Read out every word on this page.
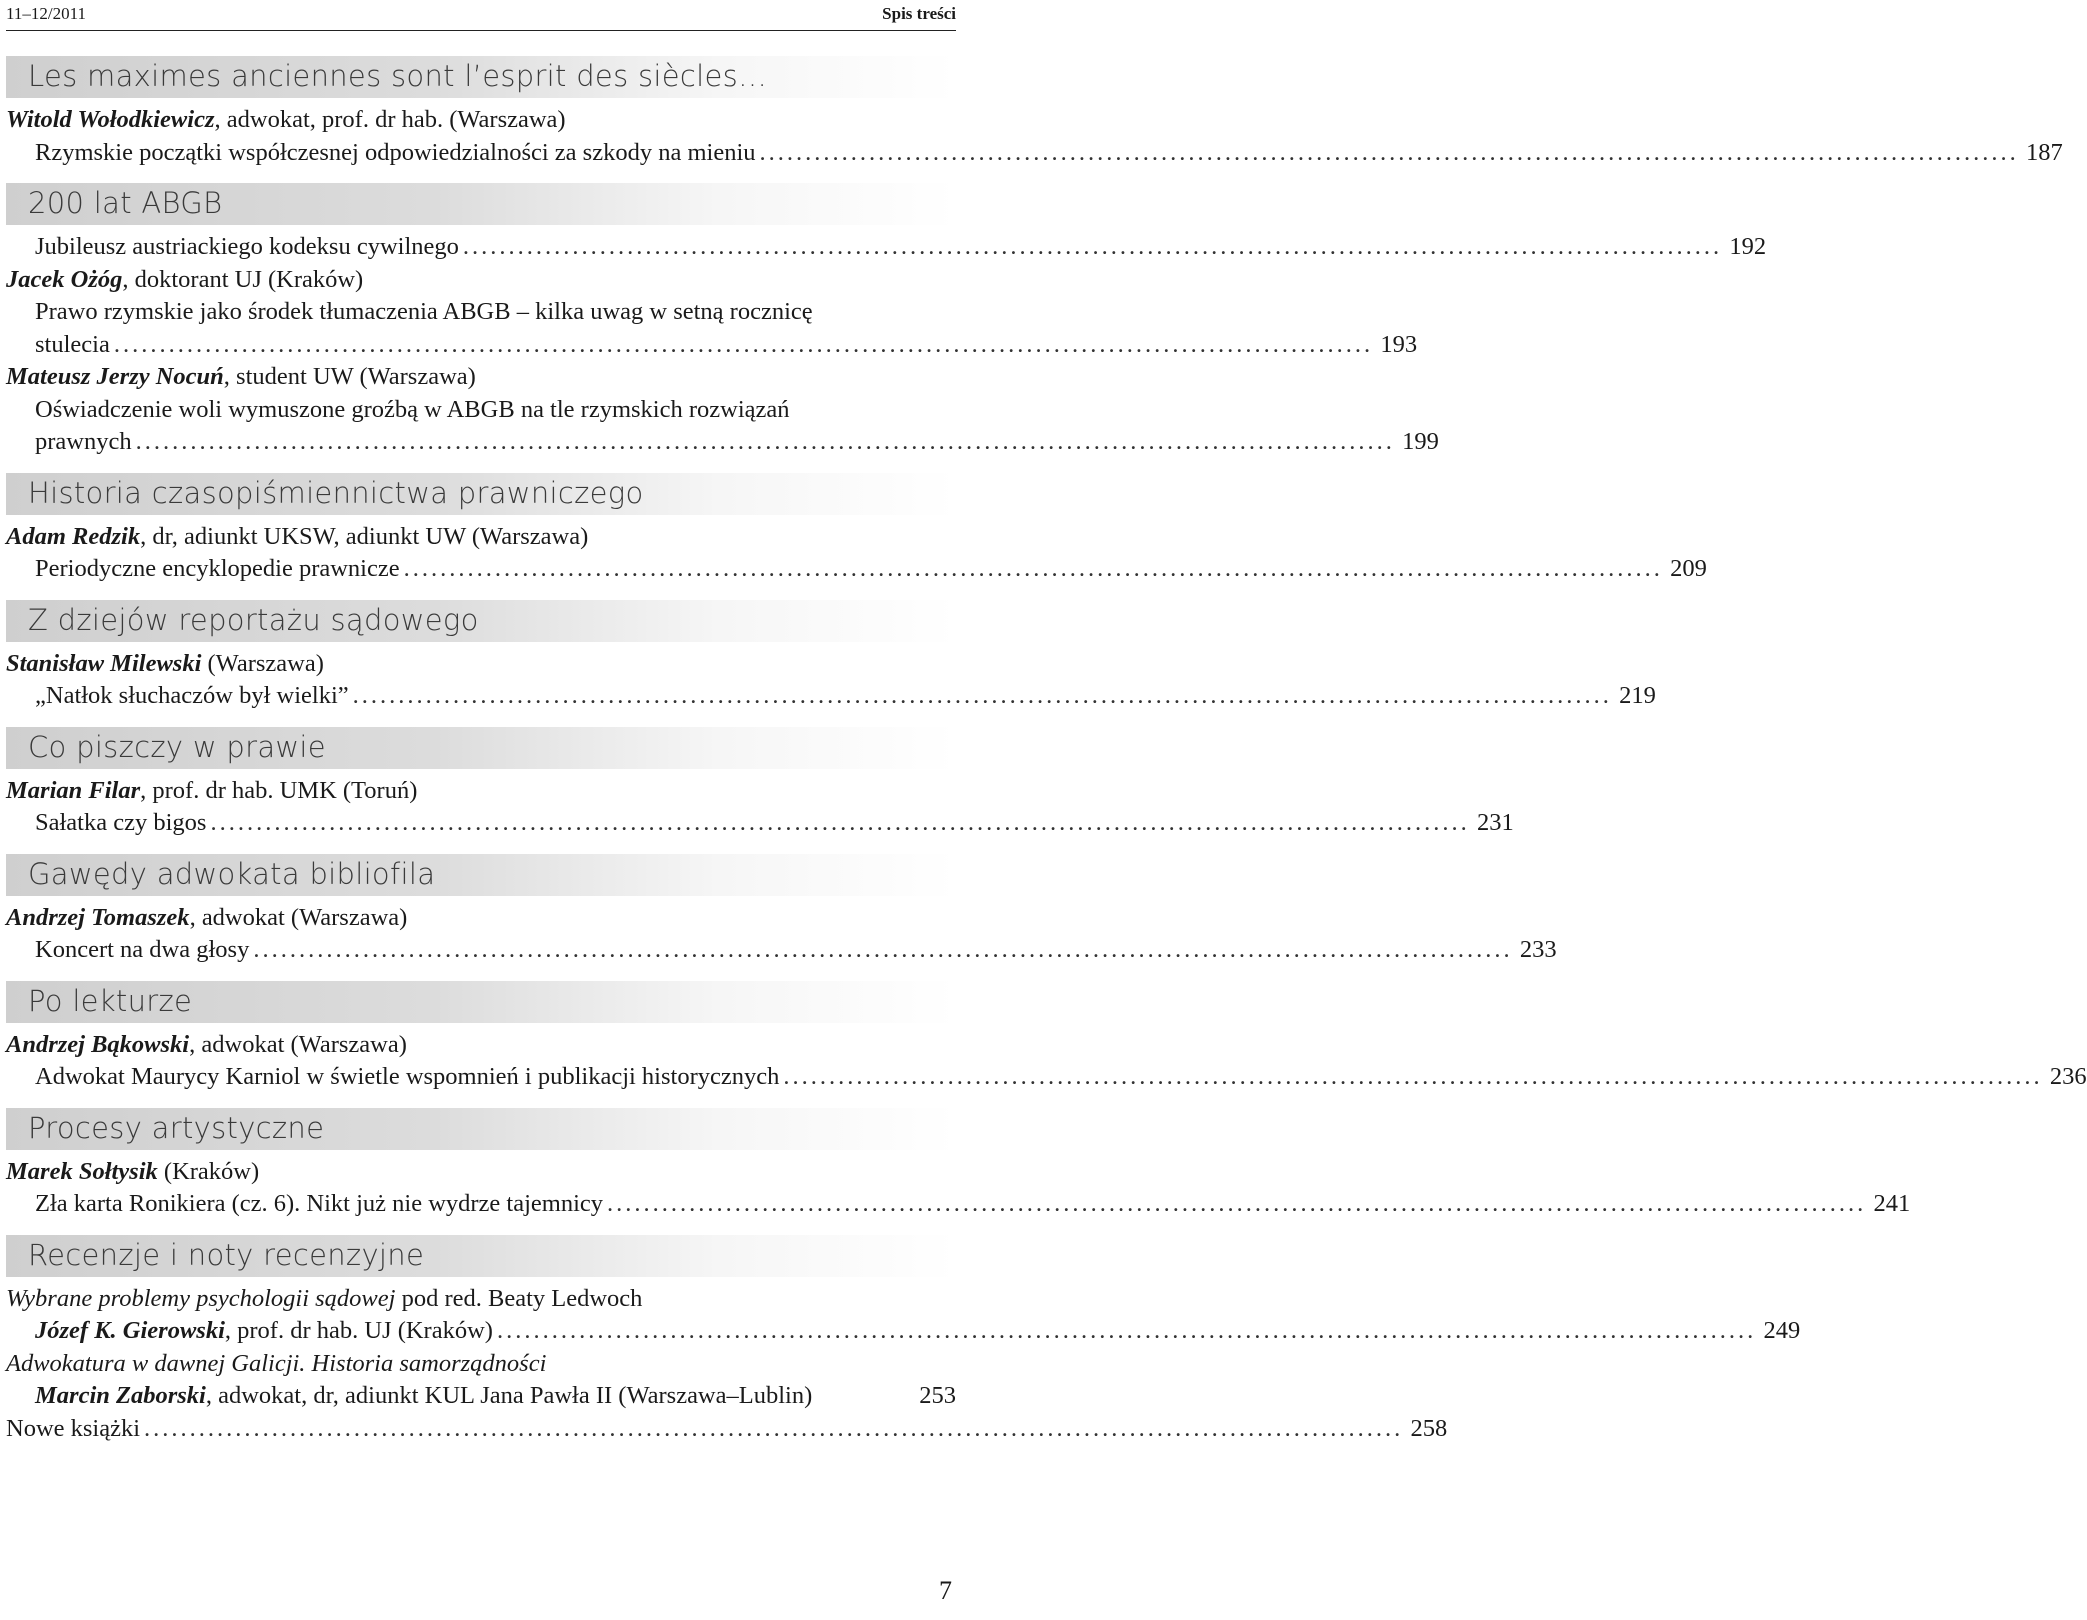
11–12/2011	Spis treści
Les maximes anciennes sont l’esprit des siècles…
Witold Wołodkiewicz, adwokat, prof. dr hab. (Warszawa)
Rzymskie początki współczesnej odpowiedzialności za szkody na mieniu .......................................................................................................................................... 187
200 lat ABGB
Jubileusz austriackiego kodeksu cywilnego .......................................................................................................................................... 192
Jacek Ożóg, doktorant UJ (Kraków)
Prawo rzymskie jako środek tłumaczenia ABGB – kilka uwag w setną rocznicę
stulecia .......................................................................................................................................... 193
Mateusz Jerzy Nocuń, student UW (Warszawa)
Oświadczenie woli wymuszone groźbą w ABGB na tle rzymskich rozwiązań
prawnych .......................................................................................................................................... 199
Historia czasopiśmiennictwa prawniczego
Adam Redzik, dr, adiunkt UKSW, adiunkt UW (Warszawa)
Periodyczne encyklopedie prawnicze .......................................................................................................................................... 209
Z dziejów reportażu sądowego
Stanisław Milewski (Warszawa)
„Natłok słuchaczów był wielki” .......................................................................................................................................... 219
Co piszczy w prawie
Marian Filar, prof. dr hab. UMK (Toruń)
Sałatka czy bigos .......................................................................................................................................... 231
Gawędy adwokata bibliofila
Andrzej Tomaszek, adwokat (Warszawa)
Koncert na dwa głosy .......................................................................................................................................... 233
Po lekturze
Andrzej Bąkowski, adwokat (Warszawa)
Adwokat Maurycy Karniol w świetle wspomnień i publikacji historycznych .......................................................................................................................................... 236
Procesy artystyczne
Marek Sołtysik (Kraków)
Zła karta Ronikiera (cz. 6). Nikt już nie wydrze tajemnicy .......................................................................................................................................... 241
Recenzje i noty recenzyjne
Wybrane problemy psychologii sądowej pod red. Beaty Ledwoch
Józef K. Gierowski, prof. dr hab. UJ (Kraków) .......................................................................................................................................... 249
Adwokatura w dawnej Galicji. Historia samorządności
Marcin Zaborski, adwokat, dr, adiunkt KUL Jana Pawła II (Warszawa–Lublin)	253
Nowe książki .......................................................................................................................................... 258
7
